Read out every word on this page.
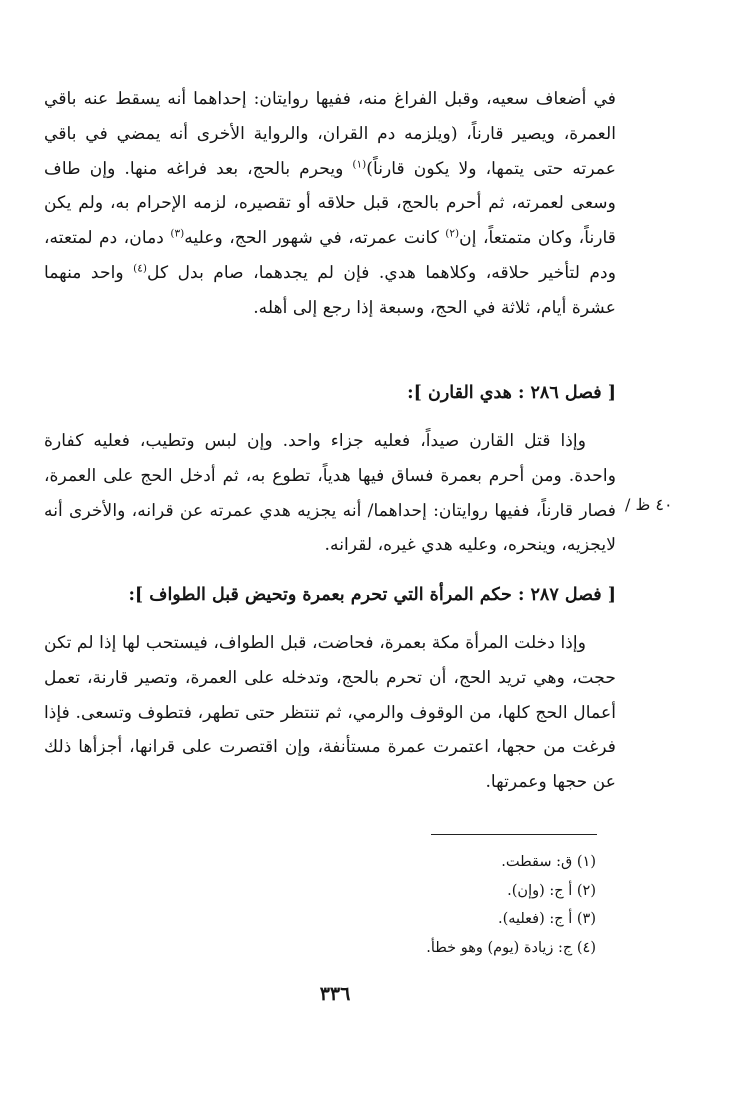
في أضعاف سعيه، وقبل الفراغ منه، ففيها روايتان: إحداهما أنه يسقط عنه باقي العمرة، ويصير قارناً، (ويلزمه دم القران، والرواية الأخرى أنه يمضي في باقي عمرته حتى يتمها، ولا يكون قارناً)$^{(١)}$ ويحرم بالحج، بعد فراغه منها. وإن طاف وسعى لعمرته، ثم أحرم بالحج، قبل حلاقه أو تقصيره، لزمه الإحرام به، ولم يكن قارناً، وكان متمتعاً، إن$^{(٢)}$ كانت عمرته، في شهور الحج، وعليه$^{(٣)}$ دمان، دم لمتعته، ودم لتأخير حلاقه، وكلاهما هدي. فإن لم يجدهما، صام بدل كل$^{(٤)}$ واحد منهما عشرة أيام، ثلاثة في الحج، وسبعة إذا رجع إلى أهله.

[ فصل ٢٨٦ : هدي القارن ]:

وإذا قتل القارن صيداً، فعليه جزاء واحد. وإن لبس وتطيب، فعليه كفارة واحدة. ومن أحرم بعمرة فساق فيها هدياً، تطوع به، ثم أدخل الحج على العمرة، فصار قارناً، ففيها روايتان: إحداهما/ أنه يجزيه هدي عمرته عن قرانه، والأخرى أنه لايجزيه، وينحره، وعليه هدي غيره، لقرانه.

/ ٤٠ ظ
[ فصل ٢٨٧ : حكم المرأة التي تحرم بعمرة وتحيض قبل الطواف ]:

وإذا دخلت المرأة مكة بعمرة، فحاضت، قبل الطواف، فيستحب لها إذا لم تكن حجت، وهي تريد الحج، أن تحرم بالحج، وتدخله على العمرة، وتصير قارنة، تعمل أعمال الحج كلها، من الوقوف والرمي، ثم تنتظر حتى تطهر، فتطوف وتسعى. فإذا فرغت من حجها، اعتمرت عمرة مستأنفة، وإن اقتصرت على قرانها، أجزأها ذلك عن حجها وعمرتها.

(١) ق: سقطت.

(٢) أ ج: (وإن).

(٣) أ ج: (فعليه).

(٤) ج: زيادة (يوم) وهو خطأ.

٣٣٦
